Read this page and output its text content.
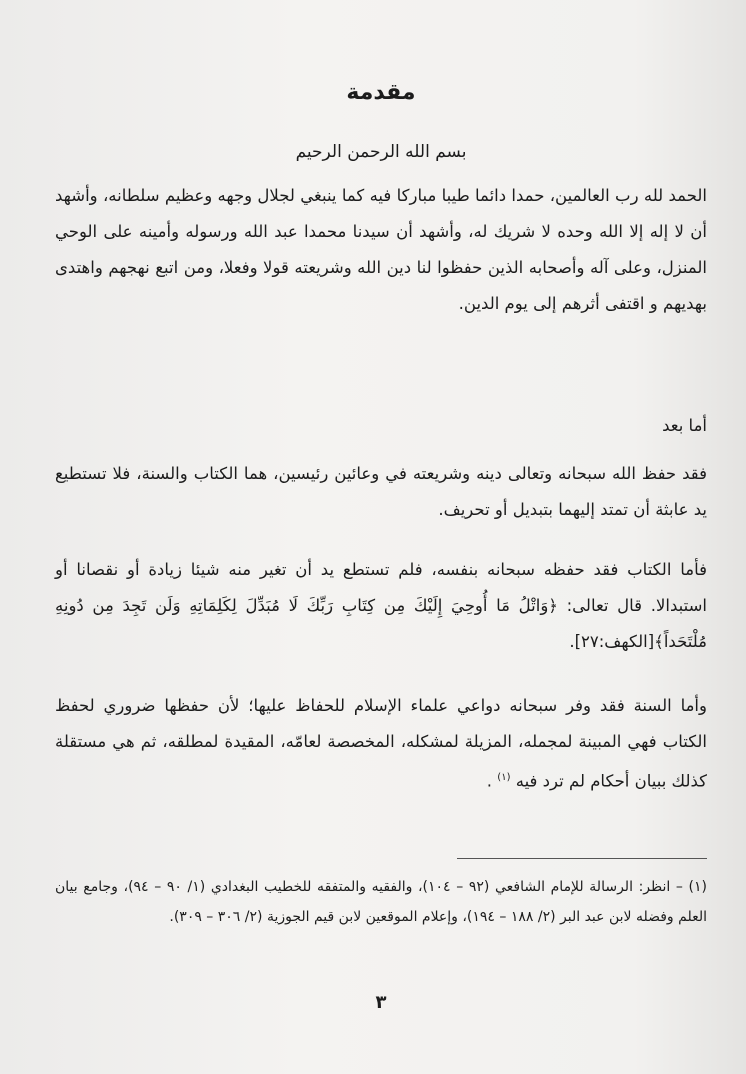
مقدمة

بسم الله الرحمن الرحيم

الحمد لله رب العالمين، حمدا دائما طيبا مباركا فيه كما ينبغي لجلال وجهه وعظيم سلطانه، وأشهد أن لا إله إلا الله وحده لا شريك له، وأشهد أن سيدنا محمدا عبد الله ورسوله وأمينه على الوحي المنزل، وعلى آله وأصحابه الذين حفظوا لنا دين الله وشريعته قولا وفعلا، ومن اتبع نهجهم واهتدى بهديهم و اقتفى أثرهم إلى يوم الدين.

أما بعد

فقد حفظ الله سبحانه وتعالى دينه وشريعته في وعائين رئيسين، هما الكتاب والسنة، فلا تستطيع يد عابثة أن تمتد إليهما بتبديل أو تحريف.

فأما الكتاب فقد حفظه سبحانه بنفسه، فلم تستطع يد أن تغير منه شيئا زيادة أو نقصانا أو استبدالا. قال تعالى: ﴿وَاتْلُ مَا أُوحِيَ إِلَيْكَ مِن كِتَابِ رَبِّكَ لَا مُبَدِّلَ لِكَلِمَاتِهِ وَلَن تَجِدَ مِن دُونِهِ مُلْتَحَداً﴾[الكهف:٢٧].

وأما السنة فقد وفر سبحانه دواعي علماء الإسلام للحفاظ عليها؛ لأن حفظها ضروري لحفظ الكتاب فهي المبينة لمجمله، المزيلة لمشكله، المخصصة لعامّه، المقيدة لمطلقه، ثم هي مستقلة كذلك ببيان أحكام لم ترد فيه $^{(١)}$ .

(١) – انظر: الرسالة للإمام الشافعي (٩٢ – ١٠٤)، والفقيه والمتفقه للخطيب البغدادي (١/ ٩٠ – ٩٤)، وجامع بيان العلم وفضله لابن عبد البر (٢/ ١٨٨ – ١٩٤)، وإعلام الموقعين لابن قيم الجوزية (٢/ ٣٠٦ – ٣٠٩).

٣
